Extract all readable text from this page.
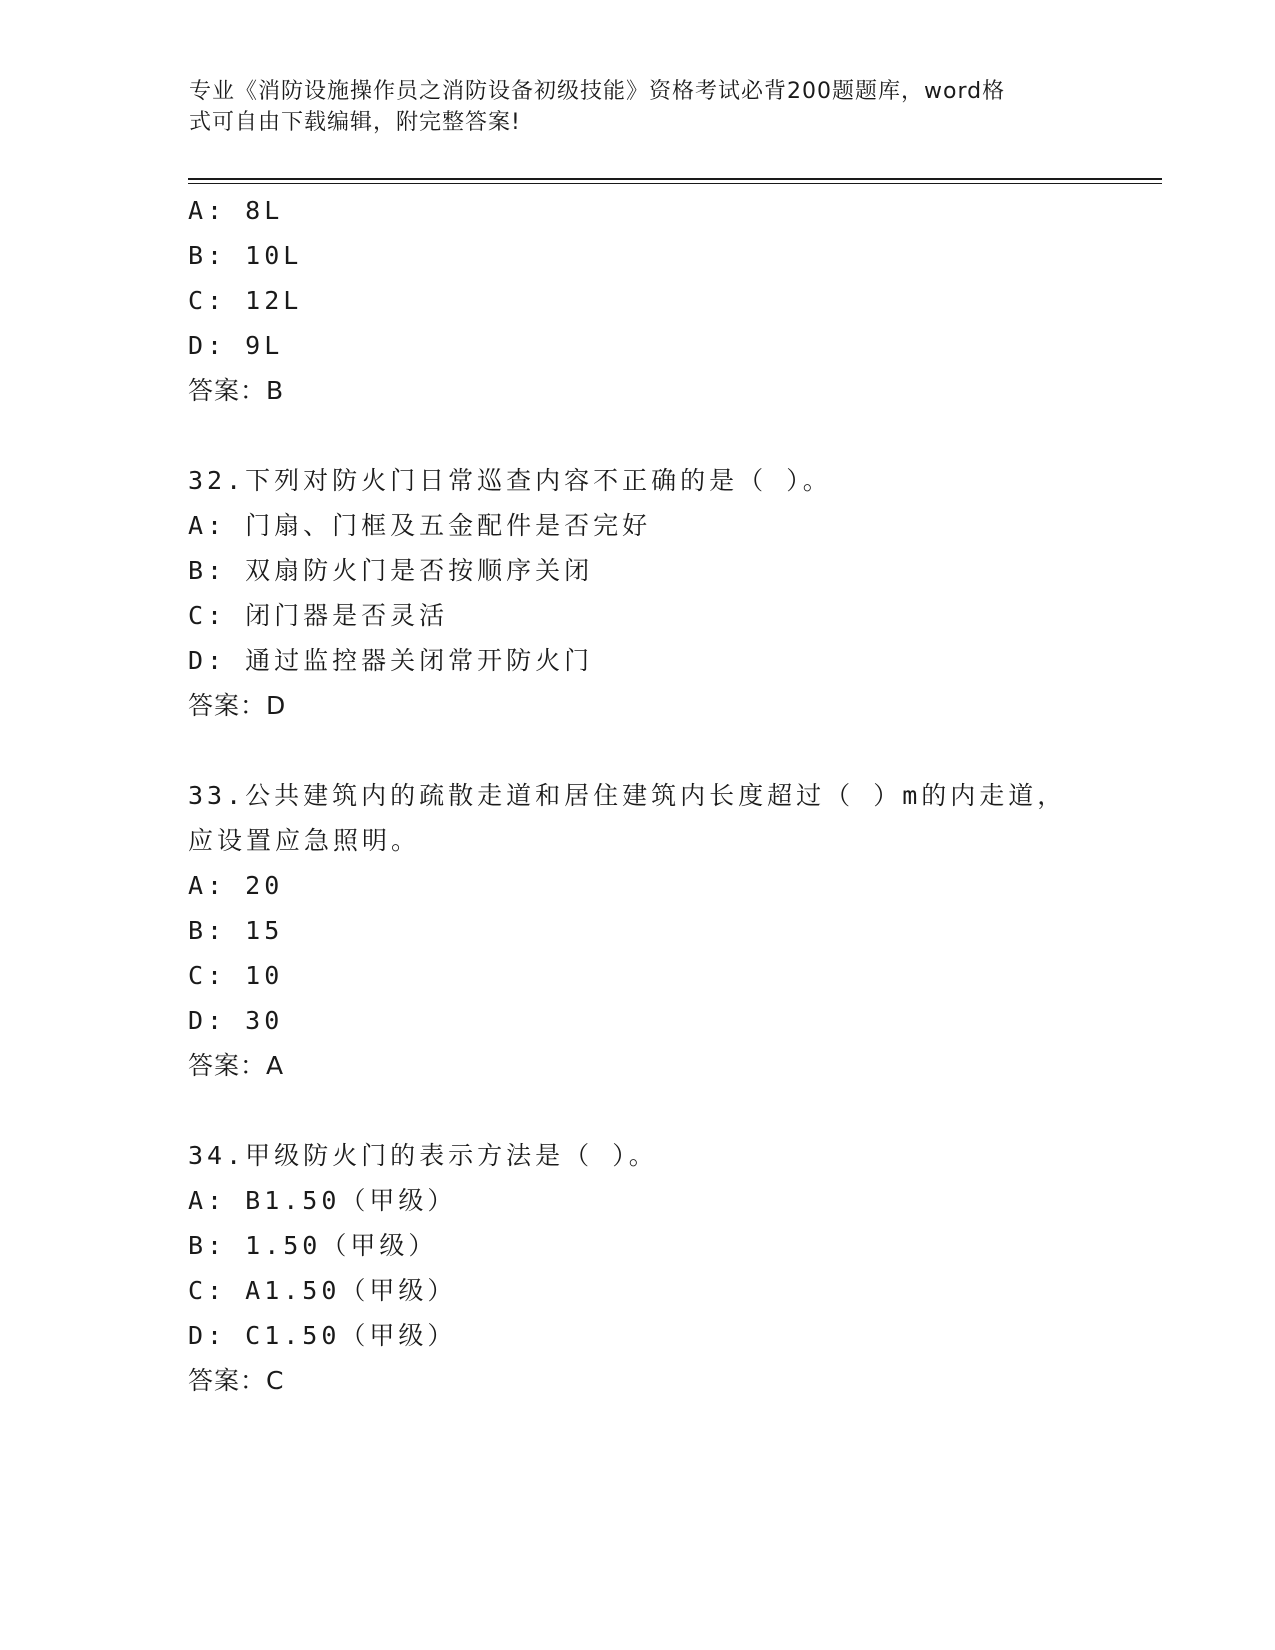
专业《消防设施操作员之消防设备初级技能》资格考试必背200题题库，word格
式可自由下载编辑，附完整答案!
A: 8L
B: 10L
C: 12L
D: 9L
答案：B
32.下列对防火门日常巡查内容不正确的是（ ）。
A: 门扇、门框及五金配件是否完好
B: 双扇防火门是否按顺序关闭
C: 闭门器是否灵活
D: 通过监控器关闭常开防火门
答案：D
33.公共建筑内的疏散走道和居住建筑内长度超过（ ）m的内走道，
应设置应急照明。
A: 20
B: 15
C: 10
D: 30
答案：A
34.甲级防火门的表示方法是（ ）。
A: B1.50（甲级）
B: 1.50（甲级）
C: A1.50（甲级）
D: C1.50（甲级）
答案：C
